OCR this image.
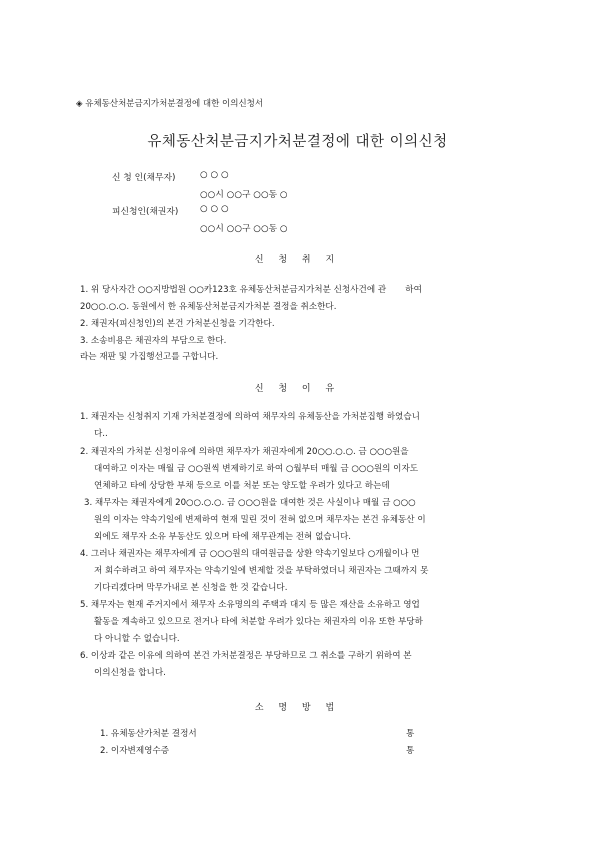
◈ 유체동산처분금지가처분결정에 대한 이의신청서
유체동산처분금지가처분결정에 대한 이의신청
신 청 인(채무자)	○ ○ ○
○○시 ○○구 ○○동 ○
피신청인(채권자) ○ ○ ○
○○시 ○○구 ○○동 ○
신 청 취 지
1. 위 당사자간 ○○지방법원 ○○카123호 유체동산처분금지가처분 신청사건에 관       하여
20○○.○.○. 동원에서 한 유체동산처분금지가처분 결정을 취소한다.
2. 채권자(피신청인)의 본건 가처분신청을 기각한다.
3. 소송비용은 채권자의 부담으로 한다.
라는 재판 및 가집행선고를 구합니다.
신 청 이 유
1. 채권자는 신청취지 기재 가처분결정에 의하여 채무자의 유체동산을 가처분집행 하였습니
다..
2. 채권자의 가처분 신청이유에 의하면 채무자가 채권자에게 20○○.○.○. 금 ○○○원을
대여하고 이자는 매월 금 ○○원씩 변제하기로 하여 ○월부터 매월 금 ○○○원의 이자도
연체하고 타에 상당한 부채 등으로 이를 처분 또는 양도할 우려가 있다고 하는데
3. 채무자는 채권자에게 20○○.○.○. 금 ○○○원을 대여한 것은 사실이나 매월 금 ○○○
원의 이자는 약속기일에 변제하여 현재 밀린 것이 전혀 없으며 채무자는 본건 유체동산 이
외에도 채무자 소유 부동산도 있으며 타에 채무관계는 전혀 없습니다.
4. 그러나 채권자는 채무자에게 금 ○○○원의 대여원금을 상환 약속기일보다 ○개월이나 먼
저 회수하려고 하여 채무자는 약속기일에 변제할 것을 부탁하였더니 채권자는 그때까지 못
기다리겠다며 막무가내로 본 신청을 한 것 같습니다.
5. 채무자는 현재 주거지에서 채무자 소유명의의 주택과 대지 등 많은 재산을 소유하고 영업
활동을 계속하고 있으므로 전거나 타에 처분할 우려가 있다는 채권자의 이유 또한 부당하
다 아니할 수 없습니다.
6. 이상과 같은 이유에 의하여 본건 가처분결정은 부당하므로 그 취소를 구하기 위하여 본
이의신청을 합니다.
소 명 방 법
1. 유체동산가처분 결정서	통
2. 이자변제영수증	통
